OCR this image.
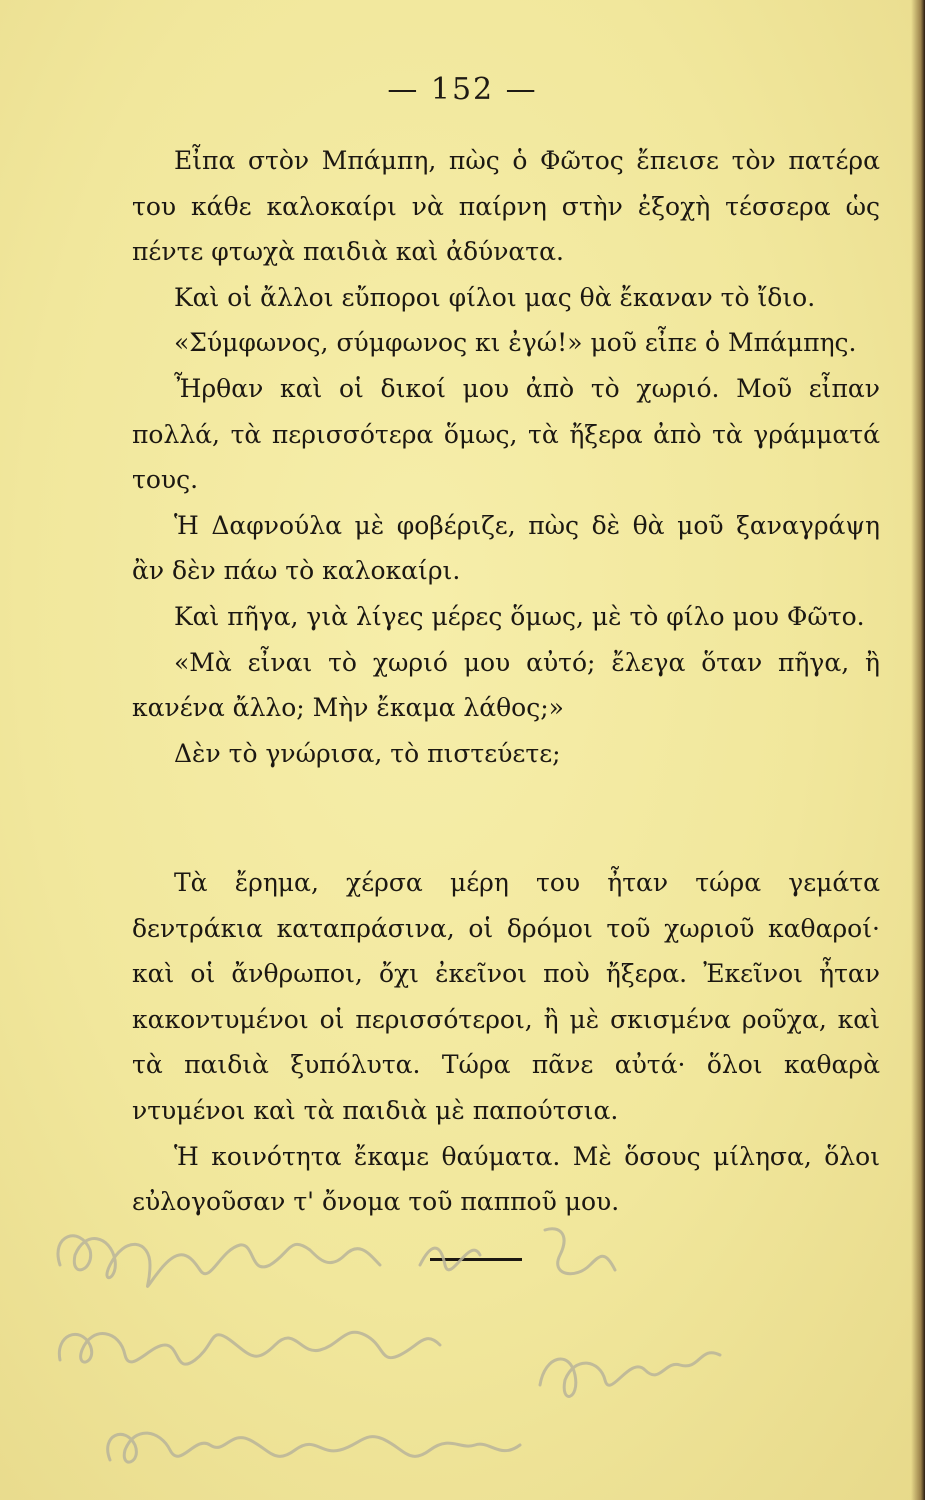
— 152 —

Εἶπα στὸν Μπάμπη, πὼς ὁ Φῶτος ἔπεισε τὸν πατέρα του κάθε καλοκαίρι νὰ παίρνη στὴν ἐξοχὴ τέσσερα ὡς πέντε φτωχὰ παιδιὰ καὶ ἀδύνατα.

Καὶ οἱ ἄλλοι εὔποροι φίλοι μας θὰ ἔκαναν τὸ ἴδιο.

«Σύμφωνος, σύμφωνος κι ἐγώ!» μοῦ εἶπε ὁ Μπάμπης.

Ἦρθαν καὶ οἱ δικοί μου ἀπὸ τὸ χωριό. Μοῦ εἶπαν πολλά, τὰ περισσότερα ὅμως, τὰ ἤξερα ἀπὸ τὰ γράμματά τους.

Ἡ Δαφνούλα μὲ φοβέριζε, πὼς δὲ θὰ μοῦ ξαναγράψη ἂν δὲν πάω τὸ καλοκαίρι.

Καὶ πῆγα, γιὰ λίγες μέρες ὅμως, μὲ τὸ φίλο μου Φῶτο.

«Μὰ εἶναι τὸ χωριό μου αὐτό; ἔλεγα ὅταν πῆγα, ἢ κανένα ἄλλο; Μὴν ἔκαμα λάθος;»

Δὲν τὸ γνώρισα, τὸ πιστεύετε;

Τὰ ἔρημα, χέρσα μέρη του ἦταν τώρα γεμάτα δεντράκια καταπράσινα, οἱ δρόμοι τοῦ χωριοῦ καθαροί· καὶ οἱ ἄνθρωποι, ὄχι ἐκεῖνοι ποὺ ἤξερα. Ἐκεῖνοι ἦταν κακοντυμένοι οἱ περισσότεροι, ἢ μὲ σκισμένα ροῦχα, καὶ τὰ παιδιὰ ξυπόλυτα. Τώρα πᾶνε αὐτά· ὅλοι καθαρὰ ντυμένοι καὶ τὰ παιδιὰ μὲ παπούτσια.

Ἡ κοινότητα ἔκαμε θαύματα. Μὲ ὅσους μίλησα, ὅλοι εὐλογοῦσαν τ' ὄνομα τοῦ παπποῦ μου.
